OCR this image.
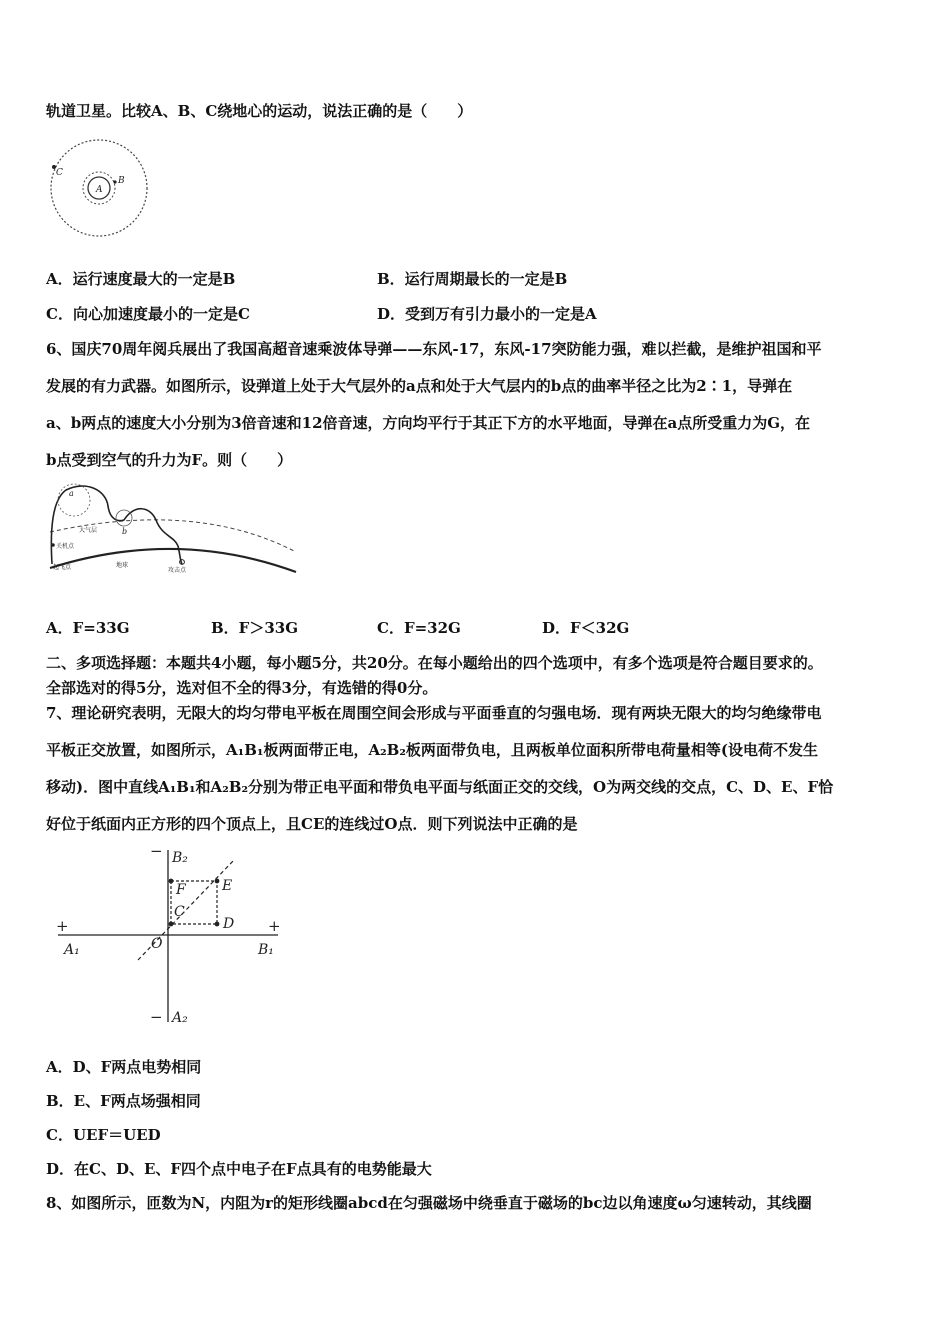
轨道卫星。比较A、B、C绕地心的运动，说法正确的是（　　）
C
A
B
A．运行速度最大的一定是B	B．运行周期最长的一定是B
C．向心加速度最小的一定是C	D．受到万有引力最小的一定是A
6、国庆70周年阅兵展出了我国高超音速乘波体导弹——东风-17，东风-17突防能力强，难以拦截，是维护祖国和平
发展的有力武器。如图所示，设弹道上处于大气层外的a点和处于大气层内的b点的曲率半径之比为2∶1，导弹在
a、b两点的速度大小分别为3倍音速和12倍音速，方向均平行于其正下方的水平地面，导弹在a点所受重力为G，在
b点受到空气的升力为F。则（　　）
a
b
大气层
关机点
起飞点	地球
攻击点
A．F=33G	B．F＞33G	C．F=32G	D．F＜32G
二、多项选择题：本题共4小题，每小题5分，共20分。在每小题给出的四个选项中，有多个选项是符合题目要求的。
全部选对的得5分，选对但不全的得3分，有选错的得0分。
7、理论研究表明，无限大的均匀带电平板在周围空间会形成与平面垂直的匀强电场．现有两块无限大的均匀绝缘带电
平板正交放置，如图所示，A₁B₁板两面带正电，A₂B₂板两面带负电，且两板单位面积所带电荷量相等(设电荷不发生
移动)．图中直线A₁B₁和A₂B₂分别为带正电平面和带负电平面与纸面正交的交线，O为两交线的交点，C、D、E、F恰
好位于纸面内正方形的四个顶点上，且CE的连线过O点．则下列说法中正确的是
−
−
+	+
B₂
A₂
A₁	B₁
O
C
D
E
F
A．D、F两点电势相同
B．E、F两点场强相同
C．UEF＝UED
D．在C、D、E、F四个点中电子在F点具有的电势能最大
8、如图所示，匝数为N，内阻为r的矩形线圈abcd在匀强磁场中绕垂直于磁场的bc边以角速度ω匀速转动，其线圈
